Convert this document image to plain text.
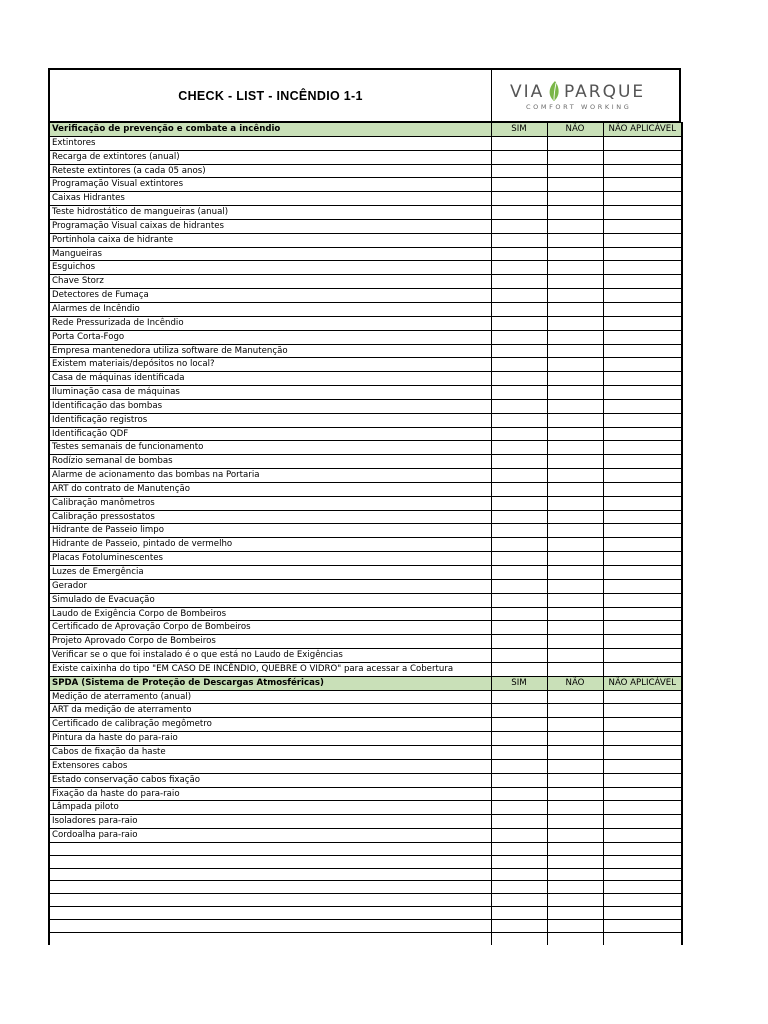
CHECK - LIST - INCÊNDIO 1-1	VIA PARQUE
COMFORT WORKING
Verificação de prevenção e combate a incêndio	SIM	NÃO	NÃO APLICÁVEL
Extintores			
Recarga de extintores (anual)			
Reteste extintores (a cada 05 anos)			
Programação Visual extintores			
Caixas Hidrantes			
Teste hidrostático de mangueiras (anual)			
Programação Visual caixas de hidrantes			
Portinhola caixa de hidrante			
Mangueiras			
Esguichos			
Chave Storz			
Detectores de Fumaça			
Alarmes de Incêndio			
Rede Pressurizada de Incêndio			
Porta Corta-Fogo			
Empresa mantenedora utiliza software de Manutenção			
Existem materiais/depósitos no local?			
Casa de máquinas identificada			
Iluminação casa de máquinas			
Identificação das bombas			
Identificação registros			
Identificação QDF			
Testes semanais de funcionamento			
Rodízio semanal de bombas			
Alarme de acionamento das bombas na Portaria			
ART do contrato de Manutenção			
Calibração manômetros			
Calibração pressostatos			
Hidrante de Passeio limpo			
Hidrante de Passeio, pintado de vermelho			
Placas Fotoluminescentes			
Luzes de Emergência			
Gerador			
Simulado de Evacuação			
Laudo de Exigência Corpo de Bombeiros			
Certificado de Aprovação Corpo de Bombeiros			
Projeto Aprovado Corpo de Bombeiros			
Verificar se o que foi instalado é o que está no Laudo de Exigências			
Existe caixinha do tipo "EM CASO DE INCÊNDIO, QUEBRE O VIDRO" para acessar a Cobertura			
SPDA (Sistema de Proteção de Descargas Atmosféricas)	SIM	NÃO	NÃO APLICÁVEL
Medição de aterramento (anual)			
ART da medição de aterramento			
Certificado de calibração megômetro			
Pintura da haste do para-raio			
Cabos de fixação da haste			
Extensores cabos			
Estado conservação cabos fixação			
Fixação da haste do para-raio			
Lâmpada piloto			
Isoladores para-raio			
Cordoalha para-raio			
